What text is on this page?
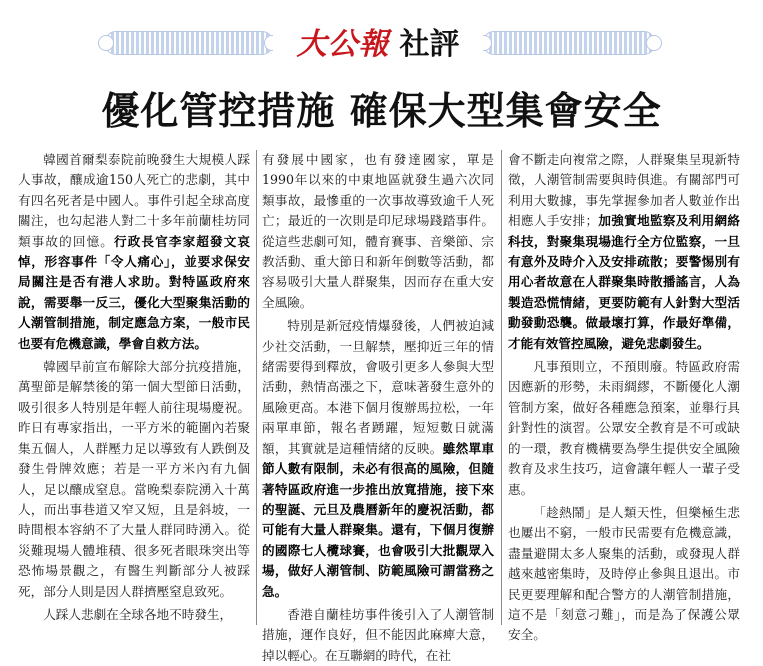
大公報 社評
優化管控措施 確保大型集會安全

韓國首爾梨泰院前晚發生大規模人踩人事故，釀成逾150人死亡的悲劇，其中有四名死者是中國人。事件引起全球高度關注，也勾起港人對二十多年前蘭桂坊同類事故的回憶。行政長官李家超發文哀悼，形容事件「令人痛心」，並要求保安局關注是否有港人求助。對特區政府來說，需要舉一反三，優化大型聚集活動的人潮管制措施，制定應急方案，一般市民也要有危機意識，學會自救方法。

韓國早前宣布解除大部分抗疫措施，萬聖節是解禁後的第一個大型節日活動，吸引很多人特別是年輕人前往現場慶祝。昨日有專家指出，一平方米的範圍內若聚集五個人，人群壓力足以導致有人跌倒及發生骨牌效應；若是一平方米內有九個人，足以釀成窒息。當晚梨泰院湧入十萬人，而出事巷道又窄又短，且是斜坡，一時間根本容納不了大量人群同時湧入。從災難現場人體堆積、很多死者眼珠突出等恐怖場景觀之，有醫生判斷部分人被踩死，部分人則是因人群擠壓窒息致死。

人踩人悲劇在全球各地不時發生，

有發展中國家，也有發達國家，單是1990年以來的中東地區就發生過六次同類事故，最慘重的一次事故導致逾千人死亡；最近的一次則是印尼球場踐踏事件。從這些悲劇可知，體育賽事、音樂節、宗教活動、重大節日和新年倒數等活動，都容易吸引大量人群聚集，因而存在重大安全風險。

特別是新冠疫情爆發後，人們被迫減少社交活動，一旦解禁，壓抑近三年的情緒需要得到釋放，會吸引更多人參與大型活動，熱情高漲之下，意味著發生意外的風險更高。本港下個月復辦馬拉松，一年兩單車節，報名者踴躍，短短數日就滿額，其實就是這種情緒的反映。雖然單車節人數有限制，未必有很高的風險，但隨著特區政府進一步推出放寬措施，接下來的聖誕、元旦及農曆新年的慶祝活動，都可能有大量人群聚集。還有，下個月復辦的國際七人欖球賽，也會吸引大批觀眾入場，做好人潮管制、防範風險可謂當務之急。

香港自蘭桂坊事件後引入了人潮管制措施，運作良好，但不能因此麻痺大意，掉以輕心。在互聯網的時代，在社

會不斷走向複常之際，人群聚集呈現新特徵，人潮管制需要與時俱進。有關部門可利用大數據，事先掌握參加者人數並作出相應人手安排；加強實地監察及利用網絡科技，對聚集現場進行全方位監察，一旦有意外及時介入及安排疏散；要警惕別有用心者故意在人群聚集時散播謠言，人為製造恐慌情緒，更要防範有人針對大型活動發動恐襲。做最壞打算，作最好準備，才能有效管控風險，避免悲劇發生。

凡事預則立，不預則廢。特區政府需因應新的形勢，未雨綢繆，不斷優化人潮管制方案，做好各種應急預案，並舉行具針對性的演習。公眾安全教育是不可或缺的一環，教育機構要為學生提供安全風險教育及求生技巧，這會讓年輕人一輩子受惠。

「趁熱鬧」是人類天性，但樂極生悲也屢出不窮，一般市民需要有危機意識，盡量避開太多人聚集的活動，或發現人群越來越密集時，及時停止參與且退出。市民更要理解和配合警方的人潮管制措施，這不是「刻意刁難」，而是為了保護公眾安全。
